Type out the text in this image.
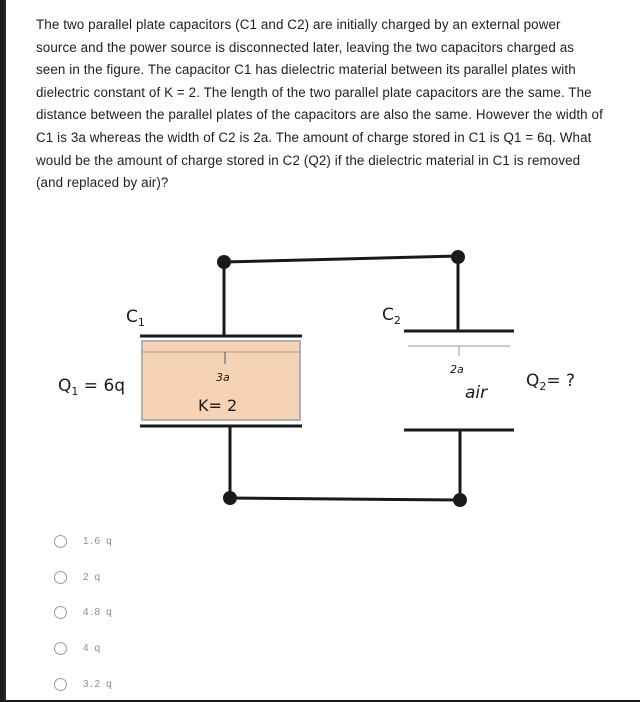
The two parallel plate capacitors (C1 and C2) are initially charged by an external power source and the power source is disconnected later, leaving the two capacitors charged as seen in the figure. The capacitor C1 has dielectric material between its parallel plates with dielectric constant of K = 2. The length of the two parallel plate capacitors are the same. The distance between the parallel plates of the capacitors are also the same. However the width of C1 is 3a whereas the width of C2 is 2a. The amount of charge stored in C1 is Q1 = 6q. What would be the amount of charge stored in C2 (Q2) if the dielectric material in C1 is removed (and replaced by air)?

$C_1$	$C_2$
$Q_1 = 6q$	$Q_2=$ ?
3a
K= 2
2a
air
1.6 q
2 q
4.8 q
4 q
3.2 q
